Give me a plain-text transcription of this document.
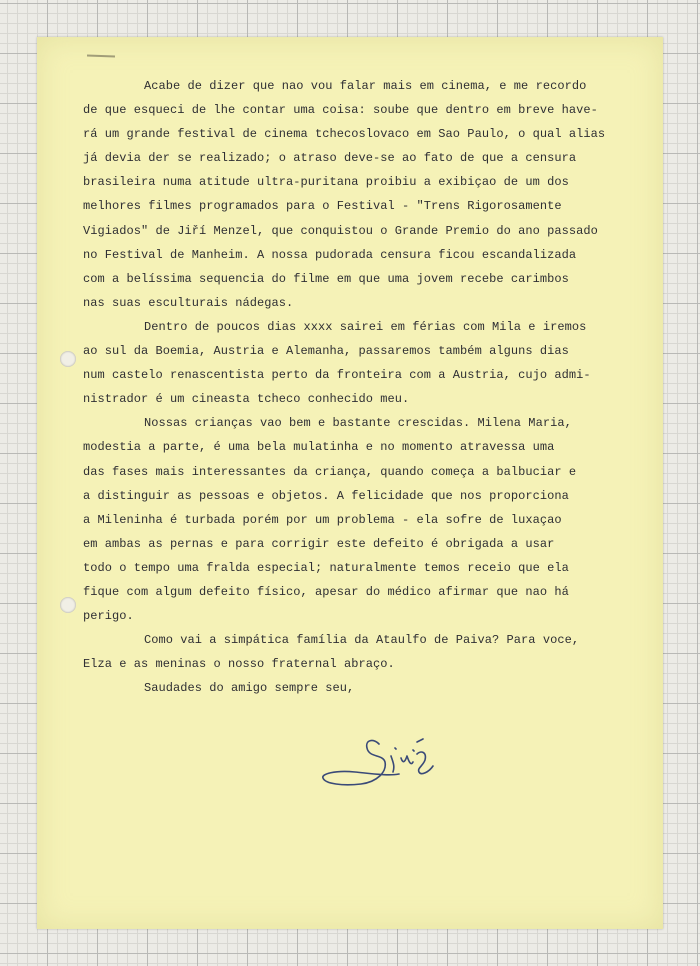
Acabe de dizer que nao vou falar mais em cinema, e me recordo
de que esqueci de lhe contar uma coisa: soube que dentro em breve have-
rá um grande festival de cinema tchecoslovaco em Sao Paulo, o qual alias
já devia der se realizado; o atraso deve-se ao fato de que a censura
brasileira numa atitude ultra-puritana proibiu a exibiçao de um dos
melhores filmes programados para o Festival - "Trens Rigorosamente
Vigiados" de Jiří Menzel, que conquistou o Grande Premio do ano passado
no Festival de Manheim. A nossa pudorada censura ficou escandalizada
com a belíssima sequencia do filme em que uma jovem recebe carimbos
nas suas esculturais nádegas.
Dentro de poucos dias xxxx sairei em férias com Mila e iremos
ao sul da Boemia, Austria e Alemanha, passaremos também alguns dias
num castelo renascentista perto da fronteira com a Austria, cujo admi-
nistrador é um cineasta tcheco conhecido meu.
Nossas crianças vao bem e bastante crescidas. Milena Maria,
modestia a parte, é uma bela mulatinha e no momento atravessa uma
das fases mais interessantes da criança, quando começa a balbuciar e
a distinguir as pessoas e objetos. A felicidade que nos proporciona
a Mileninha é turbada porém por um problema - ela sofre de luxaçao
em ambas as pernas e para corrigir este defeito é obrigada a usar
todo o tempo uma fralda especial; naturalmente temos receio que ela
fique com algum defeito físico, apesar do médico afirmar que nao há
perigo.
Como vai a simpática família da Ataulfo de Paiva? Para voce,
Elza e as meninas o nosso fraternal abraço.
Saudades do amigo sempre seu,
